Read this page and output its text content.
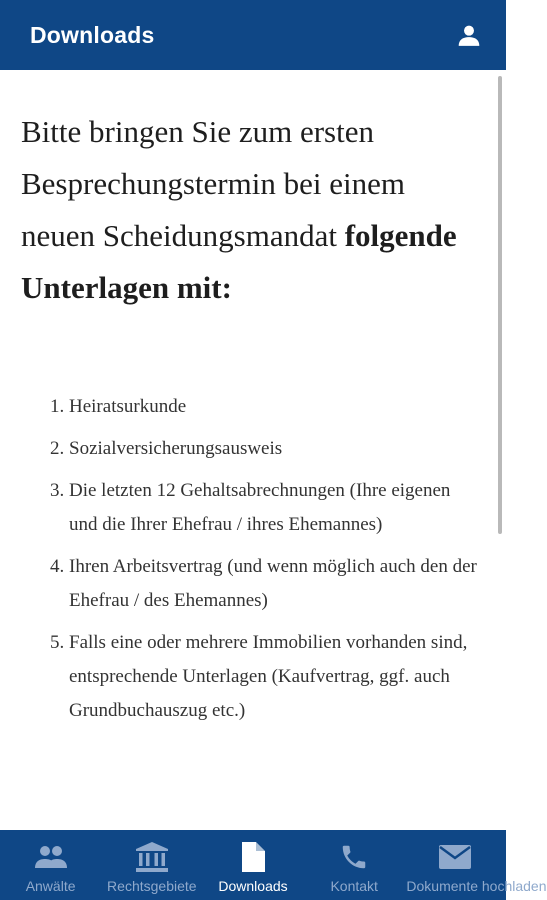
Downloads
Bitte bringen Sie zum ersten Besprechungstermin bei einem neuen Scheidungsmandat folgende Unterlagen mit:
1. Heiratsurkunde
2. Sozialversicherungsausweis
3. Die letzten 12 Gehaltsabrechnungen (Ihre eigenen und die Ihrer Ehefrau / ihres Ehemannes)
4. Ihren Arbeitsvertrag (und wenn möglich auch den der Ehefrau / des Ehemannes)
5. Falls eine oder mehrere Immobilien vorhanden sind, entsprechende Unterlagen (Kaufvertrag, ggf. auch Grundbuchauszug etc.)
Anwälte Rechtsgebiete Downloads	Kontakt Dokumente hochladen
